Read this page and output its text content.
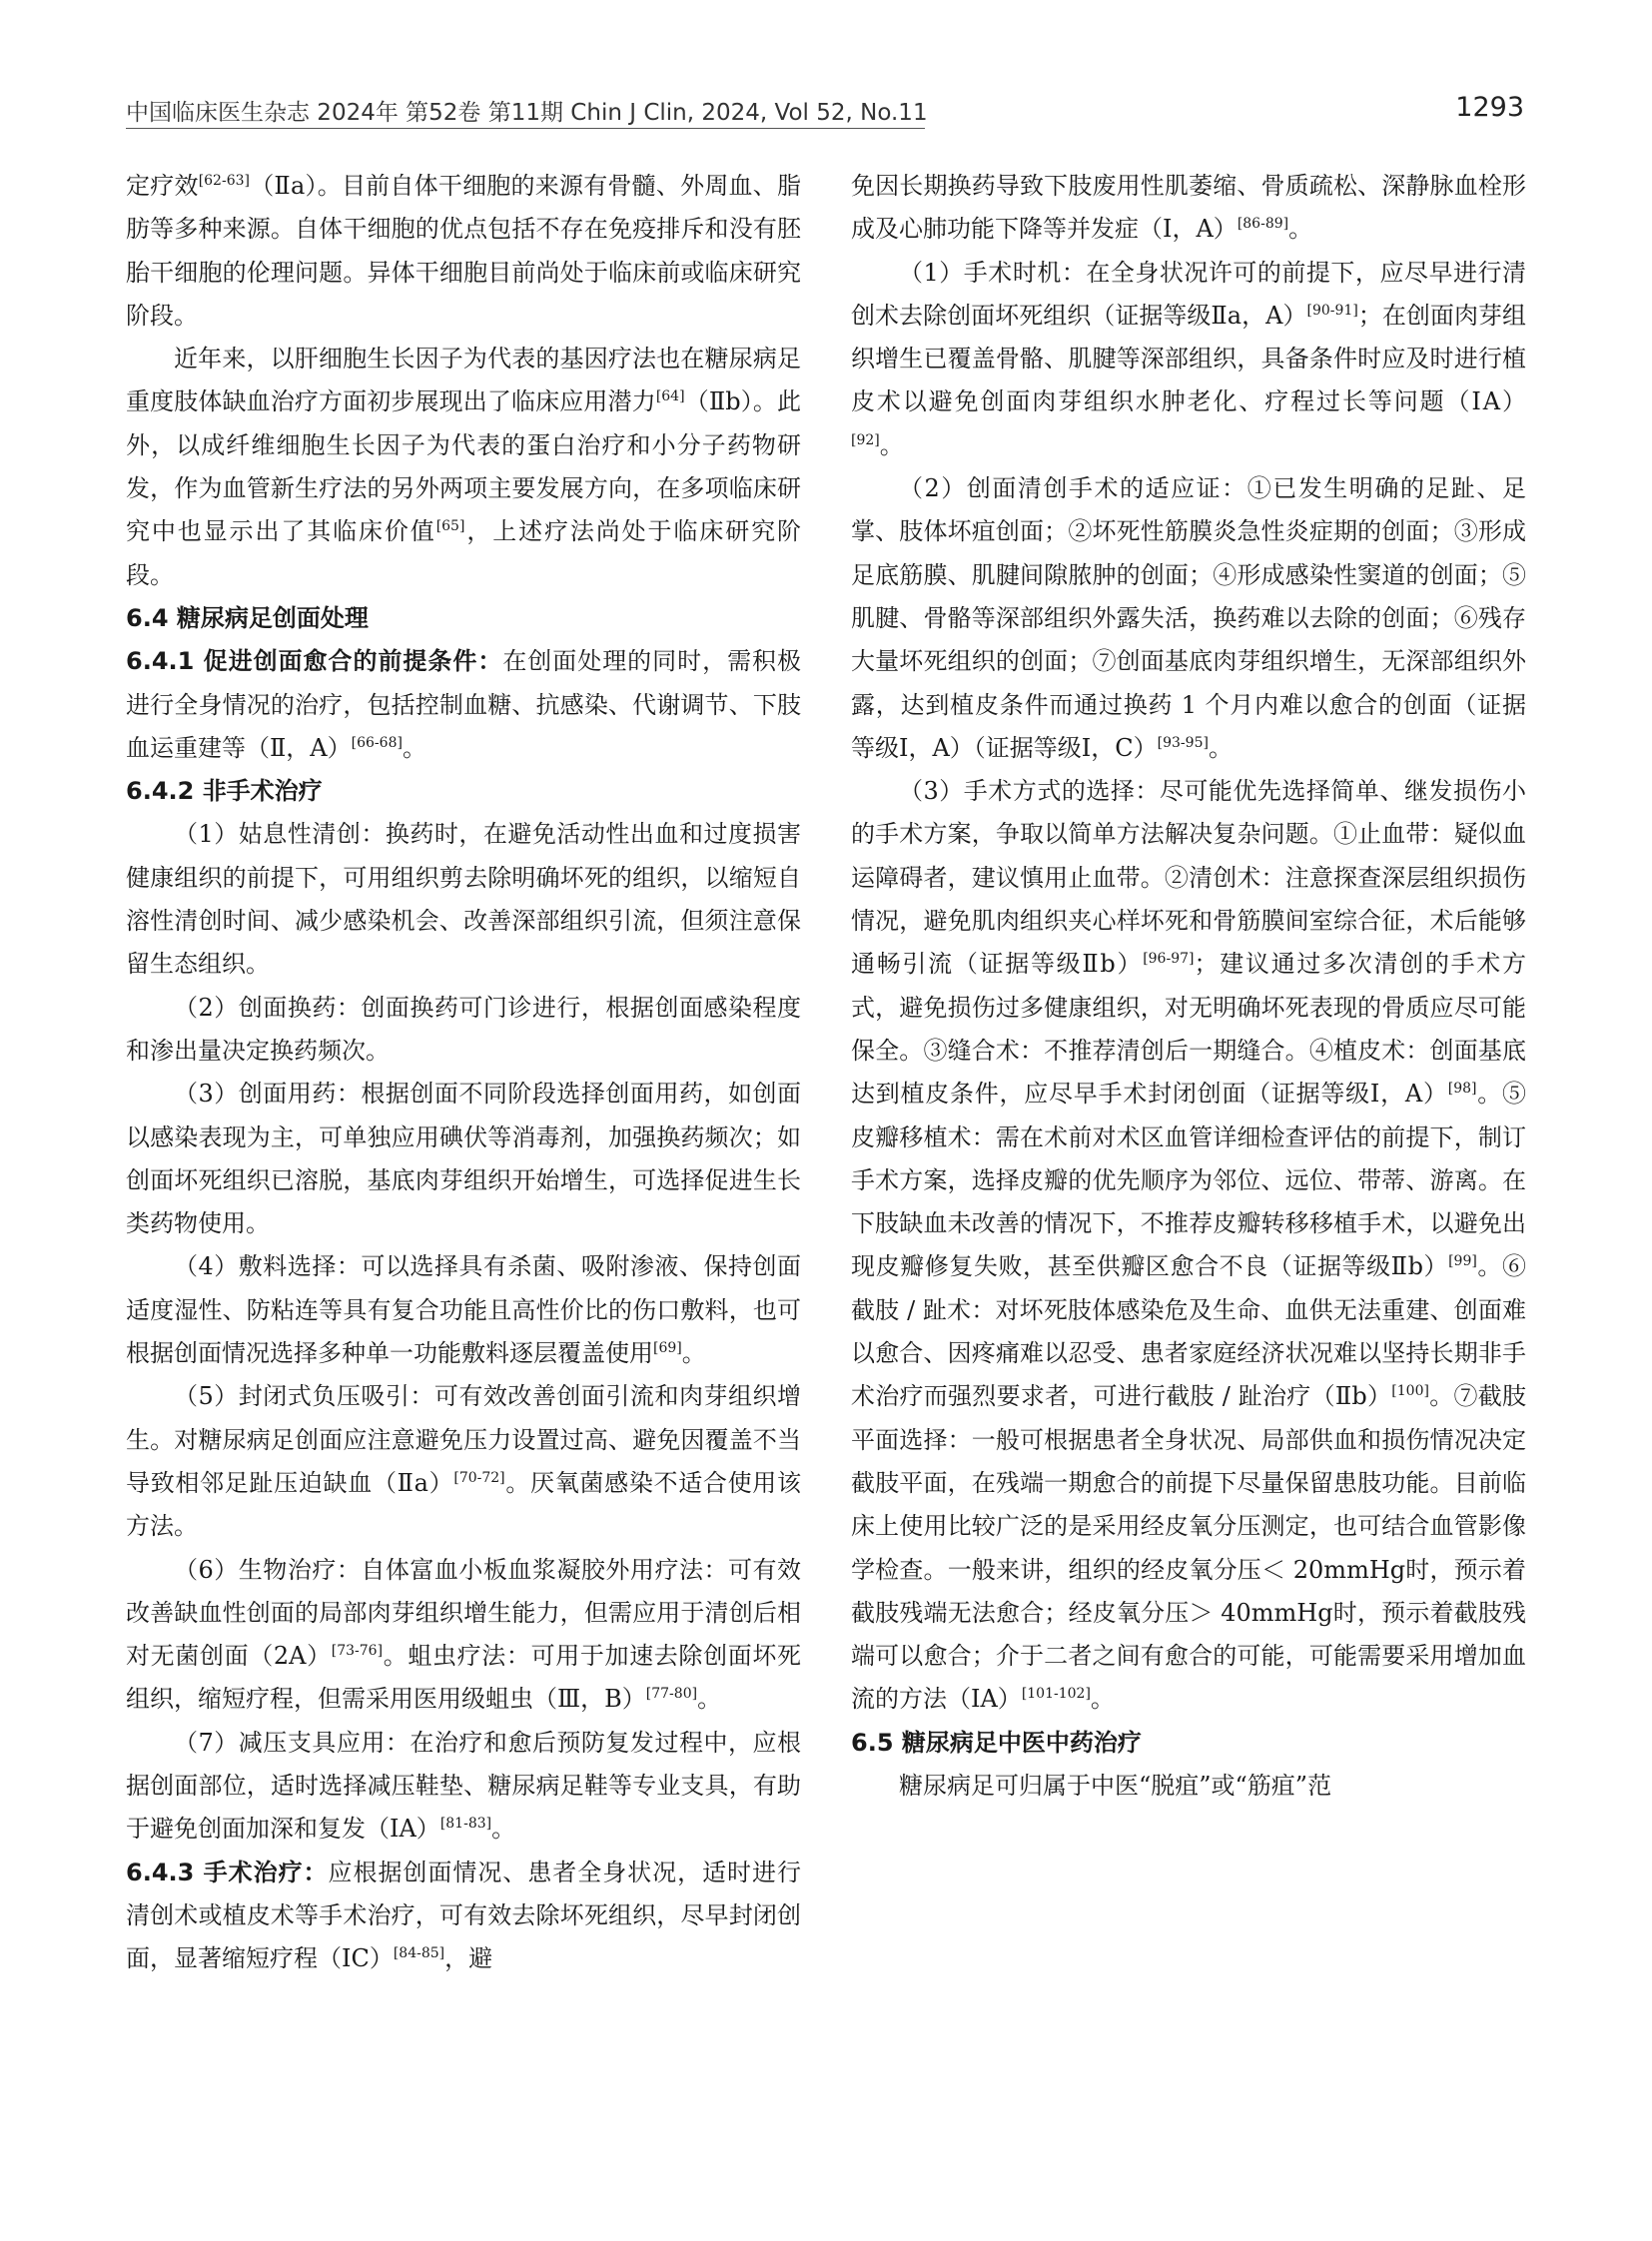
中国临床医生杂志 2024年 第52卷 第11期 Chin J Clin, 2024, Vol 52, No.11	1293

定疗效[62-63]（Ⅱa）。目前自体干细胞的来源有骨髓、外周血、脂肪等多种来源。自体干细胞的优点包括不存在免疫排斥和没有胚胎干细胞的伦理问题。异体干细胞目前尚处于临床前或临床研究阶段。

近年来，以肝细胞生长因子为代表的基因疗法也在糖尿病足重度肢体缺血治疗方面初步展现出了临床应用潜力[64]（Ⅱb）。此外，以成纤维细胞生长因子为代表的蛋白治疗和小分子药物研发，作为血管新生疗法的另外两项主要发展方向，在多项临床研究中也显示出了其临床价值[65]，上述疗法尚处于临床研究阶段。

6.4 糖尿病足创面处理

6.4.1 促进创面愈合的前提条件：在创面处理的同时，需积极进行全身情况的治疗，包括控制血糖、抗感染、代谢调节、下肢血运重建等（Ⅱ，A）[66-68]。

6.4.2 非手术治疗

（1）姑息性清创：换药时，在避免活动性出血和过度损害健康组织的前提下，可用组织剪去除明确坏死的组织，以缩短自溶性清创时间、减少感染机会、改善深部组织引流，但须注意保留生态组织。

（2）创面换药：创面换药可门诊进行，根据创面感染程度和渗出量决定换药频次。

（3）创面用药：根据创面不同阶段选择创面用药，如创面以感染表现为主，可单独应用碘伏等消毒剂，加强换药频次；如创面坏死组织已溶脱，基底肉芽组织开始增生，可选择促进生长类药物使用。

（4）敷料选择：可以选择具有杀菌、吸附渗液、保持创面适度湿性、防粘连等具有复合功能且高性价比的伤口敷料，也可根据创面情况选择多种单一功能敷料逐层覆盖使用[69]。

（5）封闭式负压吸引：可有效改善创面引流和肉芽组织增生。对糖尿病足创面应注意避免压力设置过高、避免因覆盖不当导致相邻足趾压迫缺血（Ⅱa）[70-72]。厌氧菌感染不适合使用该方法。

（6）生物治疗：自体富血小板血浆凝胶外用疗法：可有效改善缺血性创面的局部肉芽组织增生能力，但需应用于清创后相对无菌创面（2A）[73-76]。蛆虫疗法：可用于加速去除创面坏死组织，缩短疗程，但需采用医用级蛆虫（Ⅲ，B）[77-80]。

（7）减压支具应用：在治疗和愈后预防复发过程中，应根据创面部位，适时选择减压鞋垫、糖尿病足鞋等专业支具，有助于避免创面加深和复发（ⅠA）[81-83]。

6.4.3 手术治疗：应根据创面情况、患者全身状况，适时进行清创术或植皮术等手术治疗，可有效去除坏死组织，尽早封闭创面，显著缩短疗程（ⅠC）[84-85]，避

免因长期换药导致下肢废用性肌萎缩、骨质疏松、深静脉血栓形成及心肺功能下降等并发症（Ⅰ，A）[86-89]。

（1）手术时机：在全身状况许可的前提下，应尽早进行清创术去除创面坏死组织（证据等级Ⅱa，A）[90-91]；在创面肉芽组织增生已覆盖骨骼、肌腱等深部组织，具备条件时应及时进行植皮术以避免创面肉芽组织水肿老化、疗程过长等问题（ⅠA）[92]。

（2）创面清创手术的适应证：①已发生明确的足趾、足掌、肢体坏疽创面；②坏死性筋膜炎急性炎症期的创面；③形成足底筋膜、肌腱间隙脓肿的创面；④形成感染性窦道的创面；⑤肌腱、骨骼等深部组织外露失活，换药难以去除的创面；⑥残存大量坏死组织的创面；⑦创面基底肉芽组织增生，无深部组织外露，达到植皮条件而通过换药 1 个月内难以愈合的创面（证据等级Ⅰ，A）（证据等级Ⅰ，C）[93-95]。

（3）手术方式的选择：尽可能优先选择简单、继发损伤小的手术方案，争取以简单方法解决复杂问题。①止血带：疑似血运障碍者，建议慎用止血带。②清创术：注意探查深层组织损伤情况，避免肌肉组织夹心样坏死和骨筋膜间室综合征，术后能够通畅引流（证据等级Ⅱb）[96-97]；建议通过多次清创的手术方式，避免损伤过多健康组织，对无明确坏死表现的骨质应尽可能保全。③缝合术：不推荐清创后一期缝合。④植皮术：创面基底达到植皮条件，应尽早手术封闭创面（证据等级Ⅰ，A）[98]。⑤皮瓣移植术：需在术前对术区血管详细检查评估的前提下，制订手术方案，选择皮瓣的优先顺序为邻位、远位、带蒂、游离。在下肢缺血未改善的情况下，不推荐皮瓣转移移植手术，以避免出现皮瓣修复失败，甚至供瓣区愈合不良（证据等级Ⅱb）[99]。⑥截肢 / 趾术：对坏死肢体感染危及生命、血供无法重建、创面难以愈合、因疼痛难以忍受、患者家庭经济状况难以坚持长期非手术治疗而强烈要求者，可进行截肢 / 趾治疗（Ⅱb）[100]。⑦截肢平面选择：一般可根据患者全身状况、局部供血和损伤情况决定截肢平面，在残端一期愈合的前提下尽量保留患肢功能。目前临床上使用比较广泛的是采用经皮氧分压测定，也可结合血管影像学检查。一般来讲，组织的经皮氧分压＜ 20mmHg时，预示着截肢残端无法愈合；经皮氧分压＞ 40mmHg时，预示着截肢残端可以愈合；介于二者之间有愈合的可能，可能需要采用增加血流的方法（ⅠA）[101-102]。

6.5 糖尿病足中医中药治疗

糖尿病足可归属于中医“脱疽”或“筋疽”范
